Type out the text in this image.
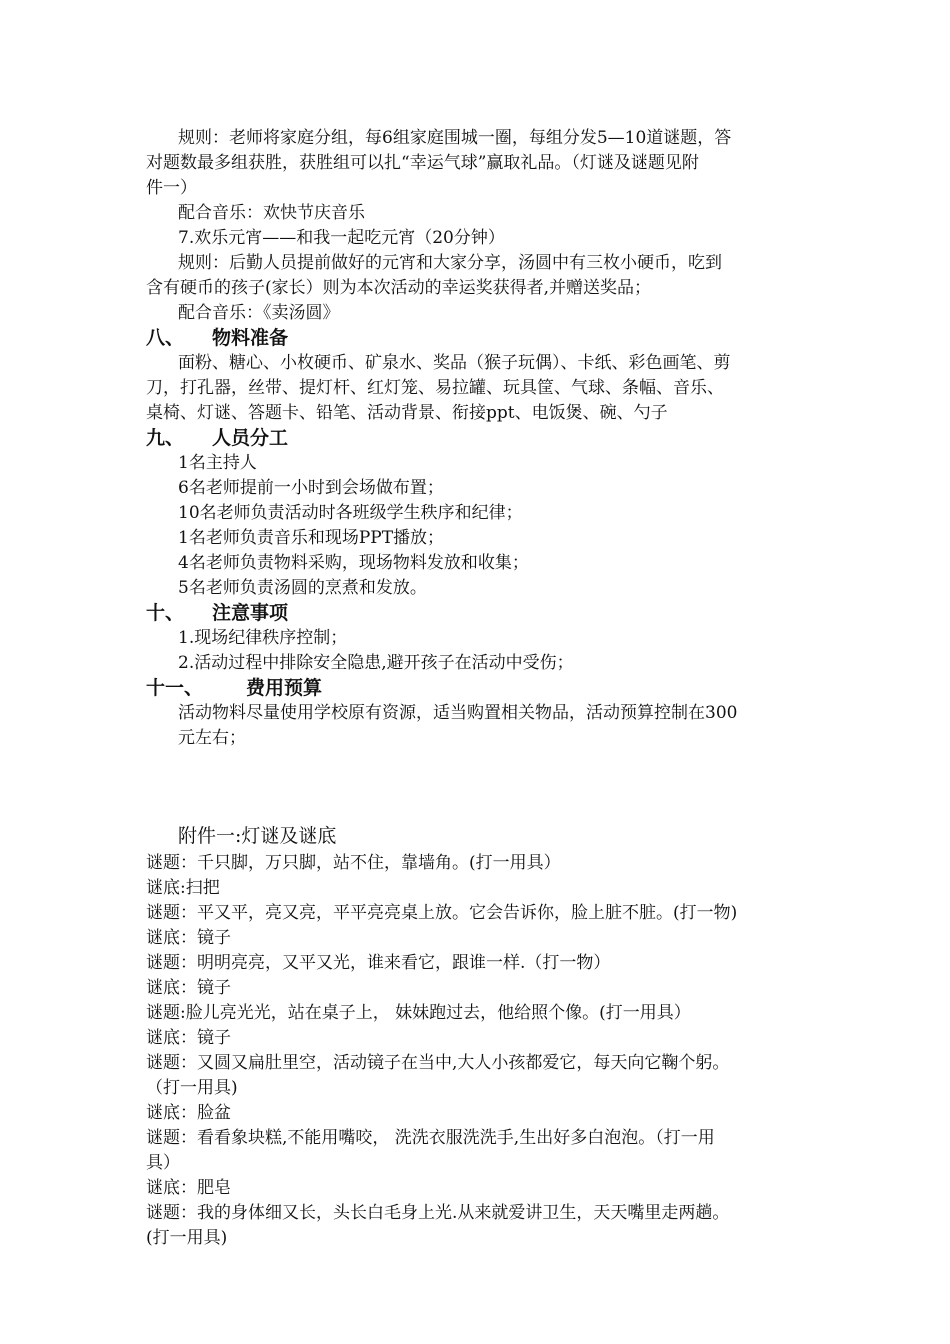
规则：老师将家庭分组，每6组家庭围城一圈，每组分发5—10道谜题，答
对题数最多组获胜，获胜组可以扎“幸运气球”赢取礼品。（灯谜及谜题见附
件一）
配合音乐：欢快节庆音乐
7.欢乐元宵——和我一起吃元宵（20分钟）
规则：后勤人员提前做好的元宵和大家分享，汤圆中有三枚小硬币，吃到
含有硬币的孩子(家长）则为本次活动的幸运奖获得者,并赠送奖品；
配合音乐：《卖汤圆》
八、 物料准备
面粉、糖心、小枚硬币、矿泉水、奖品（猴子玩偶）、卡纸、彩色画笔、剪
刀，打孔器，丝带、提灯杆、红灯笼、易拉罐、玩具筐、气球、条幅、音乐、
桌椅、灯谜、答题卡、铅笔、活动背景、衔接ppt、电饭煲、碗、勺子
九、 人员分工
1名主持人
6名老师提前一小时到会场做布置；
10名老师负责活动时各班级学生秩序和纪律；
1名老师负责音乐和现场PPT播放；
4名老师负责物料采购，现场物料发放和收集；
5名老师负责汤圆的烹煮和发放。
十、 注意事项
1.现场纪律秩序控制；
2.活动过程中排除安全隐患,避开孩子在活动中受伤；
十一、 费用预算
活动物料尽量使用学校原有资源，适当购置相关物品，活动预算控制在300
元左右；
附件一:灯谜及谜底
谜题：千只脚，万只脚，站不住，靠墙角。(打一用具）
谜底:扫把
谜题：平又平，亮又亮，平平亮亮桌上放。它会告诉你，脸上脏不脏。(打一物)
谜底：镜子
谜题：明明亮亮，又平又光，谁来看它，跟谁一样.（打一物）
谜底：镜子
谜题:脸儿亮光光，站在桌子上， 妹妹跑过去，他给照个像。(打一用具）
谜底：镜子
谜题：又圆又扁肚里空，活动镜子在当中,大人小孩都爱它，每天向它鞠个躬。
（打一用具)
谜底：脸盆
谜题：看看象块糕,不能用嘴咬， 洗洗衣服洗洗手,生出好多白泡泡。（打一用
具）
谜底：肥皂
谜题：我的身体细又长，头长白毛身上光.从来就爱讲卫生，天天嘴里走两趟。
(打一用具)
